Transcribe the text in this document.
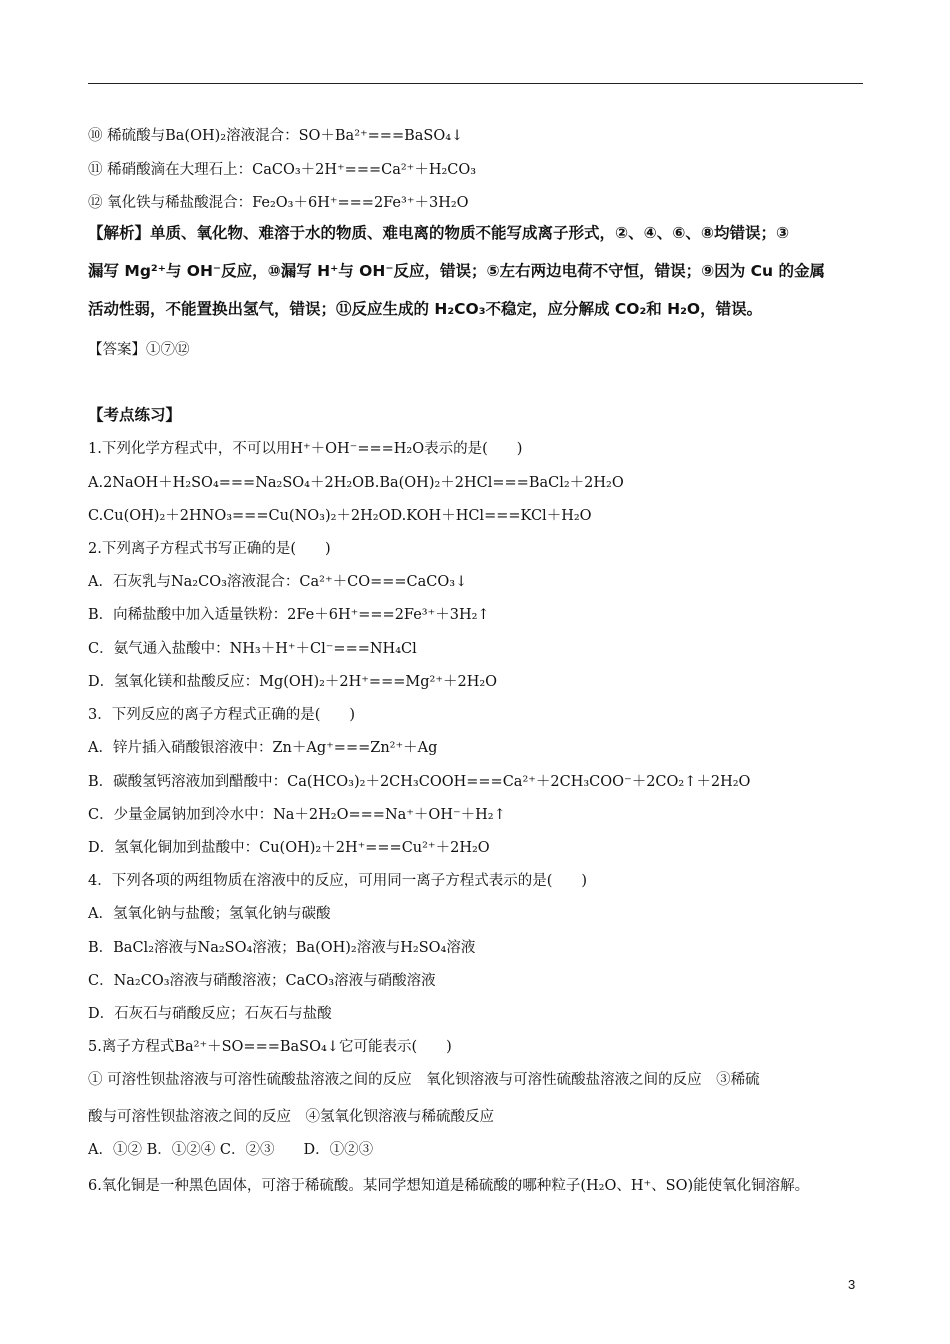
⑩ 稀硫酸与Ba(OH)₂溶液混合：SO＋Ba²⁺===BaSO₄↓
⑪ 稀硝酸滴在大理石上：CaCO₃＋2H⁺===Ca²⁺＋H₂CO₃
⑫ 氧化铁与稀盐酸混合：Fe₂O₃＋6H⁺===2Fe³⁺＋3H₂O
【解析】单质、氧化物、难溶于水的物质、难电离的物质不能写成离子形式，②、④、⑥、⑧均错误；③
漏写 Mg²⁺与 OH⁻反应，⑩漏写 H⁺与 OH⁻反应，错误；⑤左右两边电荷不守恒，错误；⑨因为 Cu 的金属
活动性弱，不能置换出氢气，错误；⑪反应生成的 H₂CO₃不稳定，应分解成 CO₂和 H₂O，错误。
【答案】①⑦⑫
【考点练习】
1.下列化学方程式中，不可以用H⁺＋OH⁻===H₂O表示的是(　　)
A.2NaOH＋H₂SO₄===Na₂SO₄＋2H₂OB.Ba(OH)₂＋2HCl===BaCl₂＋2H₂O
C.Cu(OH)₂＋2HNO₃===Cu(NO₃)₂＋2H₂OD.KOH＋HCl===KCl＋H₂O
2.下列离子方程式书写正确的是(　　)
A．石灰乳与Na₂CO₃溶液混合：Ca²⁺＋CO===CaCO₃↓
B．向稀盐酸中加入适量铁粉：2Fe＋6H⁺===2Fe³⁺＋3H₂↑
C．氨气通入盐酸中：NH₃＋H⁺＋Cl⁻===NH₄Cl
D．氢氧化镁和盐酸反应：Mg(OH)₂＋2H⁺===Mg²⁺＋2H₂O
3．下列反应的离子方程式正确的是(　　)
A．锌片插入硝酸银溶液中：Zn＋Ag⁺===Zn²⁺＋Ag
B．碳酸氢钙溶液加到醋酸中：Ca(HCO₃)₂＋2CH₃COOH===Ca²⁺＋2CH₃COO⁻＋2CO₂↑＋2H₂O
C．少量金属钠加到冷水中：Na＋2H₂O===Na⁺＋OH⁻＋H₂↑
D．氢氧化铜加到盐酸中：Cu(OH)₂＋2H⁺===Cu²⁺＋2H₂O
4．下列各项的两组物质在溶液中的反应，可用同一离子方程式表示的是(　　)
A．氢氧化钠与盐酸；氢氧化钠与碳酸
B．BaCl₂溶液与Na₂SO₄溶液；Ba(OH)₂溶液与H₂SO₄溶液
C．Na₂CO₃溶液与硝酸溶液；CaCO₃溶液与硝酸溶液
D．石灰石与硝酸反应；石灰石与盐酸
5.离子方程式Ba²⁺＋SO===BaSO₄↓它可能表示(　　)
① 可溶性钡盐溶液与可溶性硫酸盐溶液之间的反应　氧化钡溶液与可溶性硫酸盐溶液之间的反应　③稀硫
酸与可溶性钡盐溶液之间的反应　④氢氧化钡溶液与稀硫酸反应
A．①② B．①②④ C．②③　　D．①②③
6.氧化铜是一种黑色固体，可溶于稀硫酸。某同学想知道是稀硫酸的哪种粒子(H₂O、H⁺、SO)能使氧化铜溶解。
3
